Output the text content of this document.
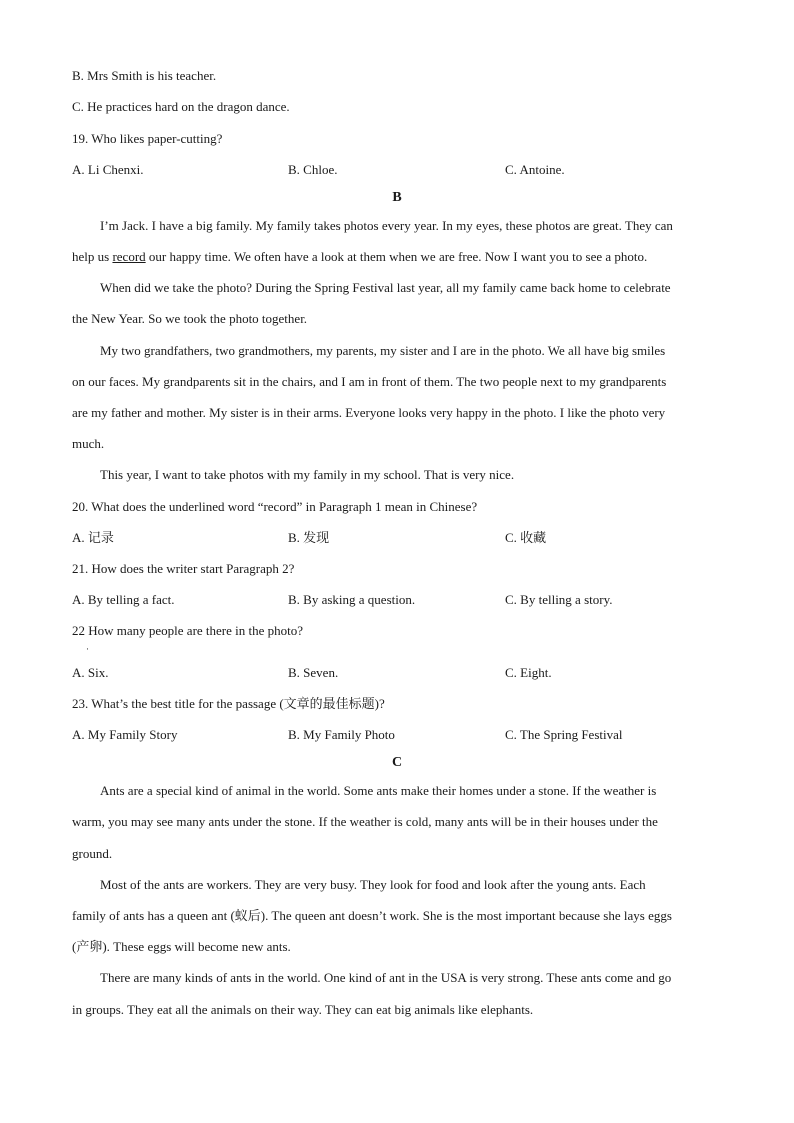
B. Mrs Smith is his teacher.
C. He practices hard on the dragon dance.
19. Who likes paper-cutting?
A. Li Chenxi.	B. Chloe.	C. Antoine.
B
I’m Jack. I have a big family. My family takes photos every year. In my eyes, these photos are great. They can
help us record our happy time. We often have a look at them when we are free. Now I want you to see a photo.
When did we take the photo? During the Spring Festival last year, all my family came back home to celebrate
the New Year. So we took the photo together.
My two grandfathers, two grandmothers, my parents, my sister and I are in the photo. We all have big smiles
on our faces. My grandparents sit in the chairs, and I am in front of them. The two people next to my grandparents
are my father and mother. My sister is in their arms. Everyone looks very happy in the photo. I like the photo very
much.
This year, I want to take photos with my family in my school. That is very nice.
20. What does the underlined word “record” in Paragraph 1 mean in Chinese?
A. 记录	B. 发现	C. 收藏
21. How does the writer start Paragraph 2?
A. By telling a fact.	B. By asking a question.	C. By telling a story.
22 How many people are there in the photo?
·
A. Six.	B. Seven.	C. Eight.
23. What’s the best title for the passage (文章的最佳标题)?
A. My Family Story	B. My Family Photo	C. The Spring Festival
C
Ants are a special kind of animal in the world. Some ants make their homes under a stone. If the weather is
warm, you may see many ants under the stone. If the weather is cold, many ants will be in their houses under the
ground.
Most of the ants are workers. They are very busy. They look for food and look after the young ants. Each
family of ants has a queen ant (蚁后). The queen ant doesn’t work. She is the most important because she lays eggs
(产卵). These eggs will become new ants.
There are many kinds of ants in the world. One kind of ant in the USA is very strong. These ants come and go
in groups. They eat all the animals on their way. They can eat big animals like elephants.
